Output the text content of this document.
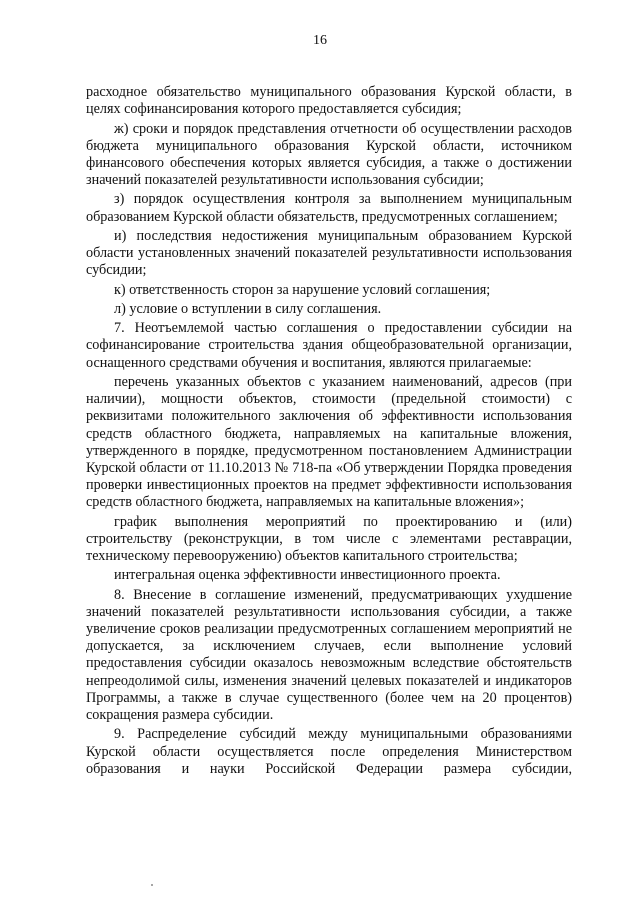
16

расходное обязательство муниципального образования Курской области, в целях софинансирования которого предоставляется субсидия;

ж) сроки и порядок представления отчетности об осуществлении расходов бюджета муниципального образования Курской области, источником финансового обеспечения которых является субсидия, а также о достижении значений показателей результативности использования субсидии;

з) порядок осуществления контроля за выполнением муниципальным образованием Курской области обязательств, предусмотренных соглашением;

и) последствия недостижения муниципальным образованием Курской области установленных значений показателей результативности использования субсидии;

к) ответственность сторон за нарушение условий соглашения;

л) условие о вступлении в силу соглашения.

7. Неотъемлемой частью соглашения о предоставлении субсидии на софинансирование строительства здания общеобразовательной организации, оснащенного средствами обучения и воспитания, являются прилагаемые:

перечень указанных объектов с указанием наименований, адресов (при наличии), мощности объектов, стоимости (предельной стоимости) с реквизитами положительного заключения об эффективности использования средств областного бюджета, направляемых на капитальные вложения, утвержденного в порядке, предусмотренном постановлением Администрации Курской области от 11.10.2013 № 718-па «Об утверждении Порядка проведения проверки инвестиционных проектов на предмет эффективности использования средств областного бюджета, направляемых на капитальные вложения»;

график выполнения мероприятий по проектированию и (или) строительству (реконструкции, в том числе с элементами реставрации, техническому перевооружению) объектов капитального строительства;

интегральная оценка эффективности инвестиционного проекта.

8. Внесение в соглашение изменений, предусматривающих ухудшение значений показателей результативности использования субсидии, а также увеличение сроков реализации предусмотренных соглашением мероприятий не допускается, за исключением случаев, если выполнение условий предоставления субсидии оказалось невозможным вследствие обстоятельств непреодолимой силы, изменения значений целевых показателей и индикаторов Программы, а также в случае существенного (более чем на 20 процентов) сокращения размера субсидии.

9. Распределение субсидий между муниципальными образованиями Курской области осуществляется после определения Министерством образования и науки Российской Федерации размера субсидии,
